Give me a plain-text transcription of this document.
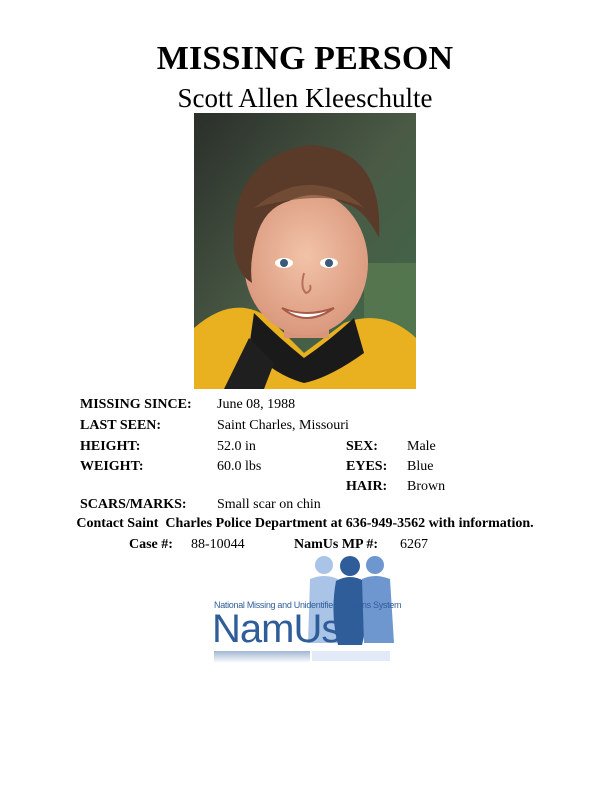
MISSING PERSON
Scott Allen Kleeschulte
MISSING SINCE: June 08, 1988
LAST SEEN:	Saint Charles, Missouri
HEIGHT:	52.0 in	SEX: Male
WEIGHT:	60.0 lbs	EYES: Blue
HAIR: Brown
SCARS/MARKS: Small scar on chin
Contact Saint  Charles Police Department at 636-949-3562 with information.
Case #: 88-10044	NamUs MP #: 6267
National Missing and Unidentified Persons System
NamUs
